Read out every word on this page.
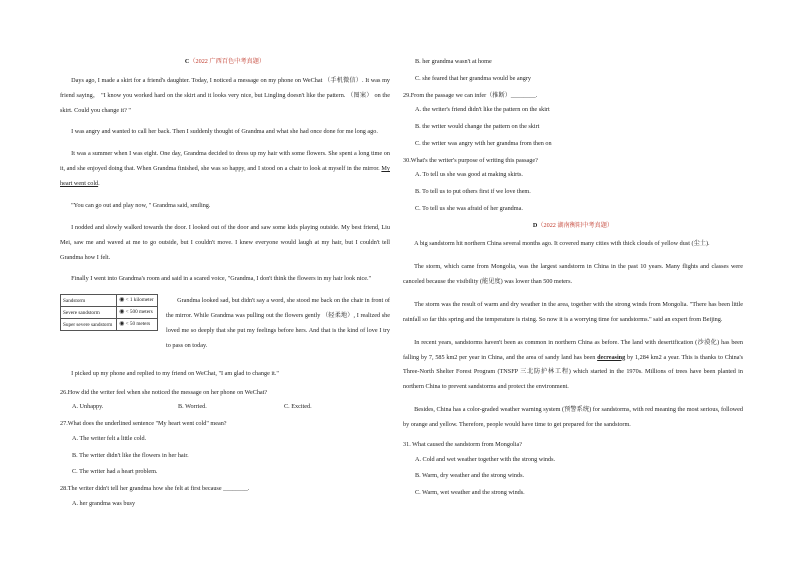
C（2022 广西百色中考真题）

Days ago, I made a skirt for a friend's daughter. Today, I noticed a message on my phone on WeChat （手机微信）. It was my friend saying， "I know you worked hard on the skirt and it looks very nice, but Lingling doesn't like the pattern. （图案） on the skirt. Could you change it? "

I was angry and wanted to call her back. Then I suddenly thought of Grandma and what she had once done for me long ago.

It was a summer when I was eight. One day, Grandma decided to dress up my hair with some flowers. She spent a long time on it, and she enjoyed doing that. When Grandma finished, she was so happy, and I stood on a chair to look at myself in the mirror. My heart went cold.

"You can go out and play now, " Grandma said, smiling.

I nodded and slowly walked towards the door. I looked out of the door and saw some kids playing outside. My best friend, Liu Mei, saw me and waved at me to go outside, but I couldn't move. I knew everyone would laugh at my hair, but I couldn't tell Grandma how I felt.

Finally I went into Grandma's room and said in a scared voice, "Grandma, I don't think the flowers in my hair look nice."

Sandstorm	◉ < 1 kilometer
Severe sandstorm	◉ < 500 meters
Super severe sandstorm	◉ < 50 meters

Grandma looked sad, but didn't say a word, she stood me back on the chair in front of the mirror. While Grandma was pulling out the flowers gently （轻柔地）, I realized she loved me so deeply that she put my feelings before hers. And that is the kind of love I try to pass on today.

I picked up my phone and replied to my friend on WeChat, "I am glad to change it."

26.How did the writer feel when she noticed the message on her phone on WeChat?

A. Unhappy.	B. Worried.	C. Excited.

27.What does the underlined sentence "My heart went cold" mean?

A. The writer felt a little cold.

B. The writer didn't like the flowers in her hair.

C. The writer had a heart problem.

28.The writer didn't tell her grandma how she felt at first because ________.

A. her grandma was busy

B. her grandma wasn't at home

C. she feared that her grandma would be angry

29.From the passage we can infer（推断）________.

A. the writer's friend didn't like the pattern on the skirt

B. the writer would change the pattern on the skirt

C. the writer was angry with her grandma from then on

30.What's the writer's purpose of writing this passage?

A. To tell us she was good at making skirts.

B. To tell us to put others first if we love them.

C. To tell us she was afraid of her grandma.

D（2022 湖南衡阳中考真题）

A big sandstorm hit northern China several months ago. It covered many cities with thick clouds of yellow dust (尘土).

The storm, which came from Mongolia, was the largest sandstorm in China in the past 10 years. Many flights and classes were canceled because the visibility (能见度) was lower than 500 meters.

The storm was the result of warm and dry weather in the area, together with the strong winds from Mongolia. "There has been little rainfall so far this spring and the temperature is rising. So now it is a worrying time for sandstorms." said an expert from Beijing.

In recent years, sandstorms haven't been as common in northern China as before. The land with desertification (沙漠化) has been falling by 7, 585 km2 per year in China, and the area of sandy land has been decreasing by 1,284 km2 a year. This is thanks to China's Three-North Shelter Forest Program (TNSFP 三北防护林工程) which started in the 1970s. Millions of trees have been planted in northern China to prevent sandstorms and protect the environment.

Besides, China has a color-graded weather warning system (预警系统) for sandstorms, with red meaning the most serious, followed by orange and yellow. Therefore, people would have time to get prepared for the sandstorm.

31. What caused the sandstorm from Mongolia?

A. Cold and wet weather together with the strong winds.

B. Warm, dry weather and the strong winds.

C. Warm, wet weather and the strong winds.
